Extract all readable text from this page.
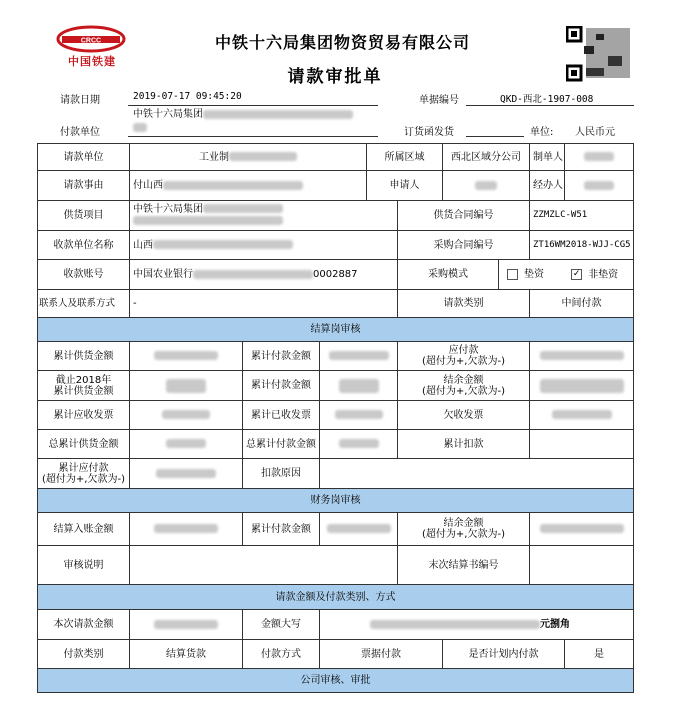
CRCC
中国铁建
中铁十六局集团物资贸易有限公司
请款审批单
请款日期	2019-07-17 09:45:20	单据编号	QKD-西北-1907-008
付款单位
中铁十六局集团

订货函发货	单位: 人民币元
请款单位	工业制			所属区域		西北区域分公司		制单人	
请款事由	付山西			申请人				经办人	
供货项目	中铁十六局集团				供货合同编号			ZZMZLC-W51	
收款单位名称	山西				采购合同编号			ZT16WM2018-WJJ-CG5	
收款账号	中国农业银行 0002887				采购模式		垫资 ✓ 非垫资		
联系人及联系方式	-				请款类别			中间付款	
结算岗审核									
累计供货金额		累计付款金额			应付款
(超付为+,欠款为-)				
截止2018年
累计供货金额		累计付款金额			结余金额
(超付为+,欠款为-)				
累计应收发票		累计已收发票			欠收发票				
总累计供货金额		总累计付款金额			累计扣款				
累计应付款
(超付为+,欠款为-)		扣款原因							
财务岗审核									
结算入账金额		累计付款金额			结余金额
(超付为+,欠款为-)				
审核说明					末次结算书编号				
请款金额及付款类别、方式									
本次请款金额		金额大写	元捌角						
付款类别	结算货款	付款方式	票据付款			是否计划内付款			是
公司审核、审批									
